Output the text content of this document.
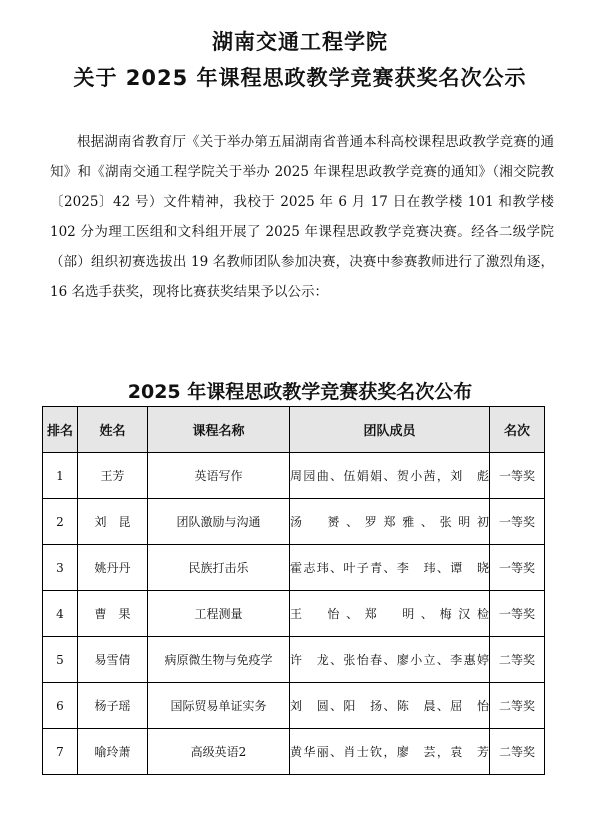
湖南交通工程学院
关于 2025 年课程思政教学竞赛获奖名次公示

根据湖南省教育厅《关于举办第五届湖南省普通本科高校课程思政教学竞赛的通知》和《湖南交通工程学院关于举办 2025 年课程思政教学竞赛的通知》（湘交院教〔2025〕42 号）文件精神，我校于 2025 年 6 月 17 日在教学楼 101 和教学楼 102 分为理工医组和文科组开展了 2025 年课程思政教学竞赛决赛。经各二级学院（部）组织初赛选拔出 19 名教师团队参加决赛，决赛中参赛教师进行了激烈角逐，16 名选手获奖，现将比赛获奖结果予以公示：

2025 年课程思政教学竞赛获奖名次公布
排名	姓名	课程名称	团队成员	名次
1	王芳	英语写作	周园曲、伍娟娟、贺小茜，刘　彪	一等奖
2	刘　昆	团队激励与沟通	汤　赟、罗郑雅、张明初	一等奖
3	姚丹丹	民族打击乐	霍志玮、叶子青、李　玮、谭　晓	一等奖
4	曹　果	工程测量	王　怡、郑　明、梅汉检	一等奖
5	易雪倩	病原微生物与免疫学	许　龙、张怡春、廖小立、李惠婷	二等奖
6	杨子瑶	国际贸易单证实务	刘　圆、阳　扬、陈　晨、屈　怡	二等奖
7	喻玲萧	高级英语2	黄华丽、肖士钦，廖　芸，袁　芳	二等奖
